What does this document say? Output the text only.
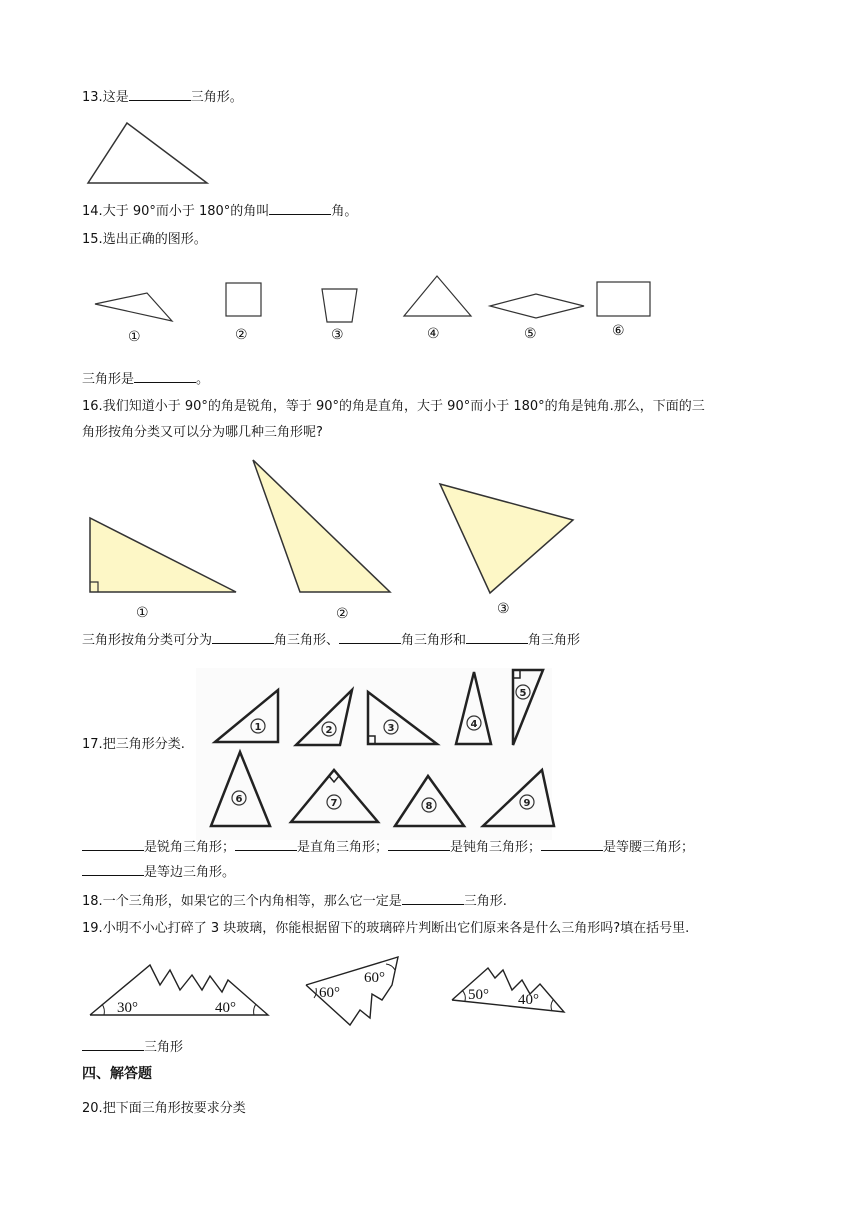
13.这是	三角形。
14.大于 90°而小于 180°的角叫	角。
15.选出正确的图形。
①	②	③	④	⑤	⑥
三角形是	。
16.我们知道小于 90°的角是锐角，等于 90°的角是直角，大于 90°而小于 180°的角是钝角.那么，下面的三
角形按角分类又可以分为哪几种三角形呢?
①	②	③
三角形按角分类可分为	角三角形、	角三角形和	角三角形
17.把三角形分类.
1	2	3	4
5
6	7	8	9
是锐角三角形；	是直角三角形；	是钝角三角形；	是等腰三角形；
是等边三角形。
18.一个三角形，如果它的三个内角相等，那么它一定是	三角形.
19.小明不小心打碎了 3 块玻璃，你能根据留下的玻璃碎片判断出它们原来各是什么三角形吗?填在括号里.
30°	40°
60°
60°
50° 40°
三角形
四、解答题
20.把下面三角形按要求分类
